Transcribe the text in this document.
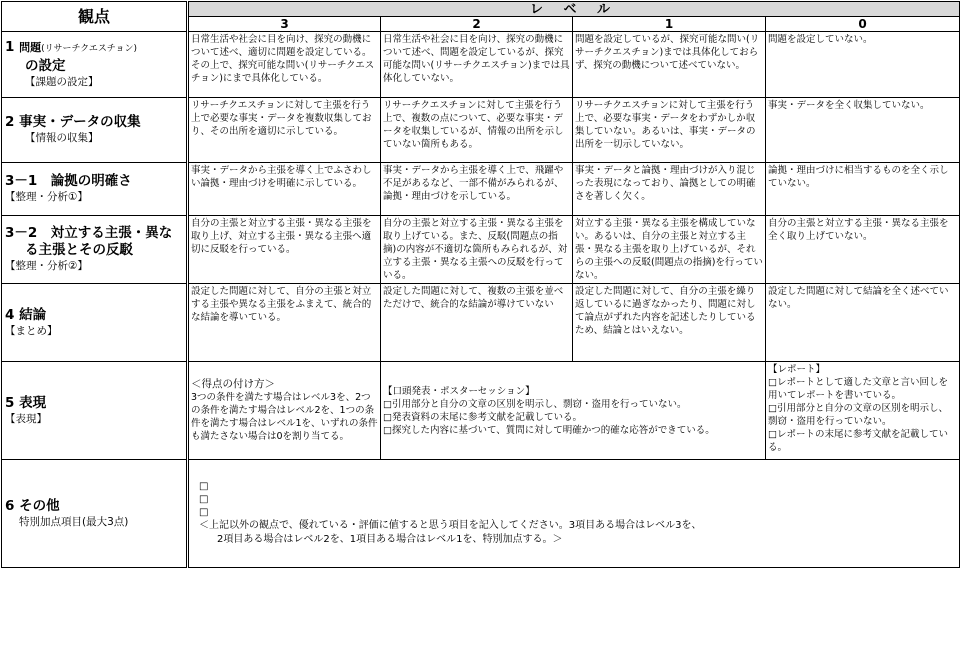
観点	レ ベ ル			
	3	2	1	0

1 問題(リサーチクエスチョン)
の設定
【課題の設定】	日常生活や社会に目を向け、探究の動機について述べ、適切に問題を設定している。その上で、探究可能な問い(リサーチクエスチョン)にまで具体化している。	日常生活や社会に目を向け、探究の動機について述べ、問題を設定しているが、探究可能な問い(リサーチクエスチョン)までは具体化していない。	問題を設定しているが、探究可能な問い(リサーチクエスチョン)までは具体化しておらず、探究の動機について述べていない。	問題を設定していない。

2 事実・データの収集
【情報の収集】	リサーチクエスチョンに対して主張を行う上で必要な事実・データを複数収集しており、その出所を適切に示している。	リサーチクエスチョンに対して主張を行う上で、複数の点について、必要な事実・データを収集しているが、情報の出所を示していない箇所もある。	リサーチクエスチョンに対して主張を行う上で、必要な事実・データをわずかしか収集していない。あるいは、事実・データの出所を一切示していない。	事実・データを全く収集していない。

3－1　論拠の明確さ
【整理・分析①】	事実・データから主張を導く上でふさわしい論拠・理由づけを明確に示している。	事実・データから主張を導く上で、飛躍や不足があるなど、一部不備がみられるが、論拠・理由づけを示している。	事実・データと論拠・理由づけが入り混じった表現になっており、論拠としての明確さを著しく欠く。	論拠・理由づけに相当するものを全く示していない。

3－2　対立する主張・異な
る主張とその反駁
【整理・分析②】	自分の主張と対立する主張・異なる主張を取り上げ、対立する主張・異なる主張へ適切に反駁を行っている。	自分の主張と対立する主張・異なる主張を取り上げている。また、反駁(問題点の指摘)の内容が不適切な箇所もみられるが、対立する主張・異なる主張への反駁を行っている。	対立する主張・異なる主張を構成していない。あるいは、自分の主張と対立する主張・異なる主張を取り上げているが、それらの主張への反駁(問題点の指摘)を行っていない。	自分の主張と対立する主張・異なる主張を全く取り上げていない。

4 結論
【まとめ】	設定した問題に対して、自分の主張と対立する主張や異なる主張をふまえて、統合的な結論を導いている。	設定した問題に対して、複数の主張を並べただけで、統合的な結論が導けていない	設定した問題に対して、自分の主張を繰り返しているに過ぎなかったり、問題に対して論点がずれた内容を記述したりしているため、結論とはいえない。	設定した問題に対して結論を全く述べていない。

5 表現
【表現】	＜得点の付け方＞
3つの条件を満たす場合はレベル3を、2つの条件を満たす場合はレベル2を、1つの条件を満たす場合はレベル1を、いずれの条件も満たさない場合は0を割り当てる。	【口頭発表・ポスターセッション】
□引用部分と自分の文章の区別を明示し、剽窃・盗用を行っていない。
□発表資料の末尾に参考文献を記載している。
□探究した内容に基づいて、質問に対して明確かつ的確な応答ができている。		【レポート】
□レポートとして適した文章と言い回しを用いてレポートを書いている。
□引用部分と自分の文章の区別を明示し、剽窃・盗用を行っていない。
□レポートの末尾に参考文献を記載している。

6 その他
特別加点項目(最大3点)	□
□
□
＜上記以外の観点で、優れている・評価に値すると思う項目を記入してください。3項目ある場合はレベル3を、
2項目ある場合はレベル2を、1項目ある場合はレベル1を、特別加点する。＞			
